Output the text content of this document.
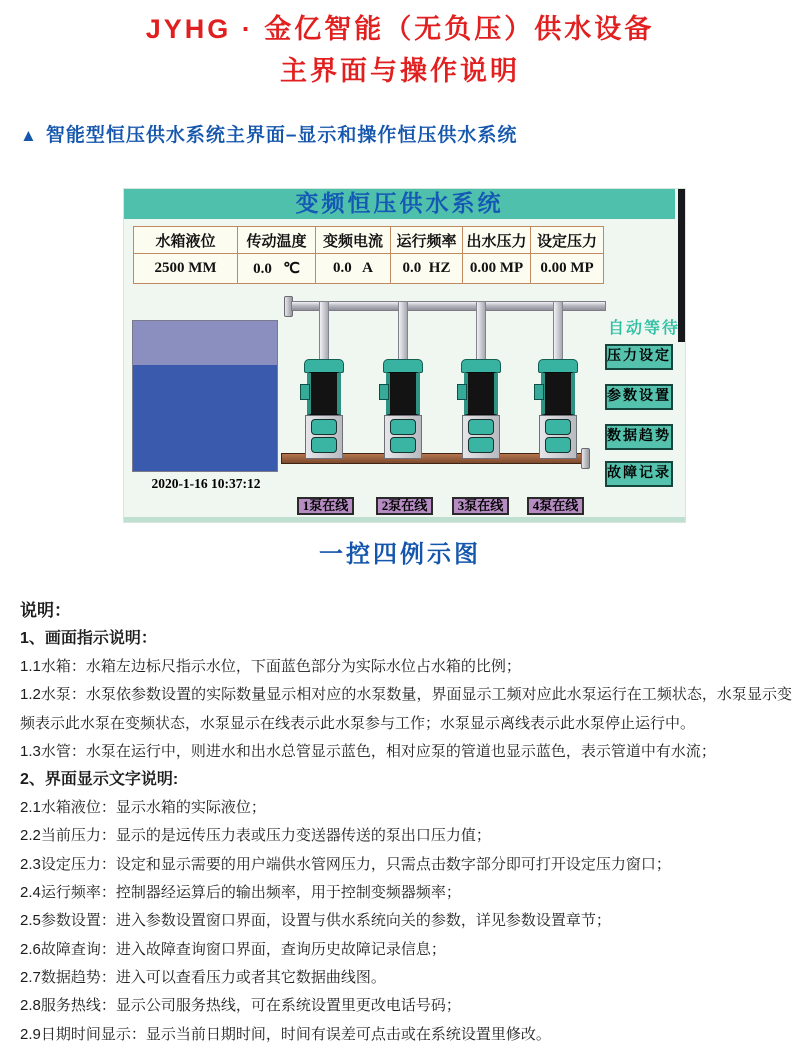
JYHG · 金亿智能（无负压）供水设备
主界面与操作说明
▲ 智能型恒压供水系统主界面–显示和操作恒压供水系统
变频恒压供水系统
水箱液位	传动温度	变频电流	运行频率	出水压力	设定压力
2500 MM	0.0   ℃	0.0   A	0.0  HZ	0.00 MP	0.00 MP
2020-1-16 10:37:12
自动等待
压力设定
参数设置
数据趋势
故障记录
1泵在线	2泵在线	3泵在线	4泵在线
一控四例示图
说明：
1、画面指示说明：
1.1水箱：水箱左边标尺指示水位，下面蓝色部分为实际水位占水箱的比例；
1.2水泵：水泵依参数设置的实际数量显示相对应的水泵数量，界面显示工频对应此水泵运行在工频状态，水泵显示变频表示此水泵在变频状态，水泵显示在线表示此水泵参与工作；水泵显示离线表示此水泵停止运行中。
1.3水管：水泵在运行中，则进水和出水总管显示蓝色，相对应泵的管道也显示蓝色，表示管道中有水流；
2、界面显示文字说明:
2.1水箱液位：显示水箱的实际液位；
2.2当前压力：显示的是远传压力表或压力变送器传送的泵出口压力值；
2.3设定压力：设定和显示需要的用户端供水管网压力，只需点击数字部分即可打开设定压力窗口；
2.4运行频率：控制器经运算后的输出频率，用于控制变频器频率；
2.5参数设置：进入参数设置窗口界面，设置与供水系统向关的参数，详见参数设置章节；
2.6故障查询：进入故障查询窗口界面，查询历史故障记录信息；
2.7数据趋势：进入可以查看压力或者其它数据曲线图。
2.8服务热线：显示公司服务热线，可在系统设置里更改电话号码；
2.9日期时间显示：显示当前日期时间，时间有误差可点击或在系统设置里修改。
